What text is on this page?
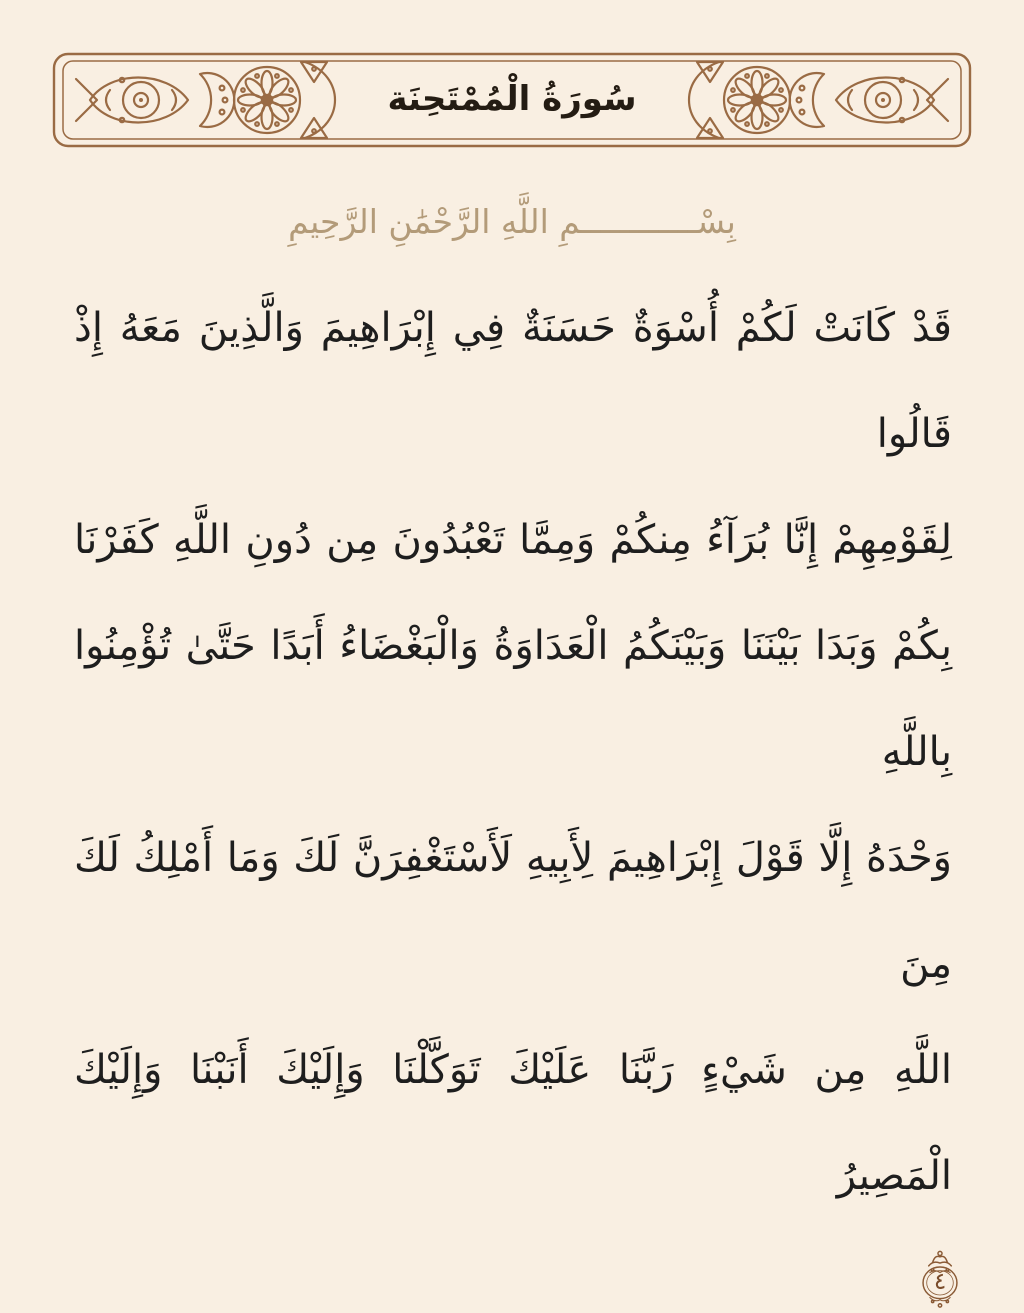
سُورَةُ الْمُمْتَحِنَة
بِسْــــــــــــمِ اللَّهِ الرَّحْمَٰنِ الرَّحِيمِ
قَدْ كَانَتْ لَكُمْ أُسْوَةٌ حَسَنَةٌ فِي إِبْرَاهِيمَ وَالَّذِينَ مَعَهُ إِذْ قَالُوا
لِقَوْمِهِمْ إِنَّا بُرَآءُ مِنكُمْ وَمِمَّا تَعْبُدُونَ مِن دُونِ اللَّهِ كَفَرْنَا
بِكُمْ وَبَدَا بَيْنَنَا وَبَيْنَكُمُ الْعَدَاوَةُ وَالْبَغْضَاءُ أَبَدًا حَتَّىٰ تُؤْمِنُوا بِاللَّهِ
وَحْدَهُ إِلَّا قَوْلَ إِبْرَاهِيمَ لِأَبِيهِ لَأَسْتَغْفِرَنَّ لَكَ وَمَا أَمْلِكُ لَكَ مِنَ
اللَّهِ مِن شَيْءٍ رَبَّنَا عَلَيْكَ تَوَكَّلْنَا وَإِلَيْكَ أَنَبْنَا وَإِلَيْكَ الْمَصِيرُ
٤
